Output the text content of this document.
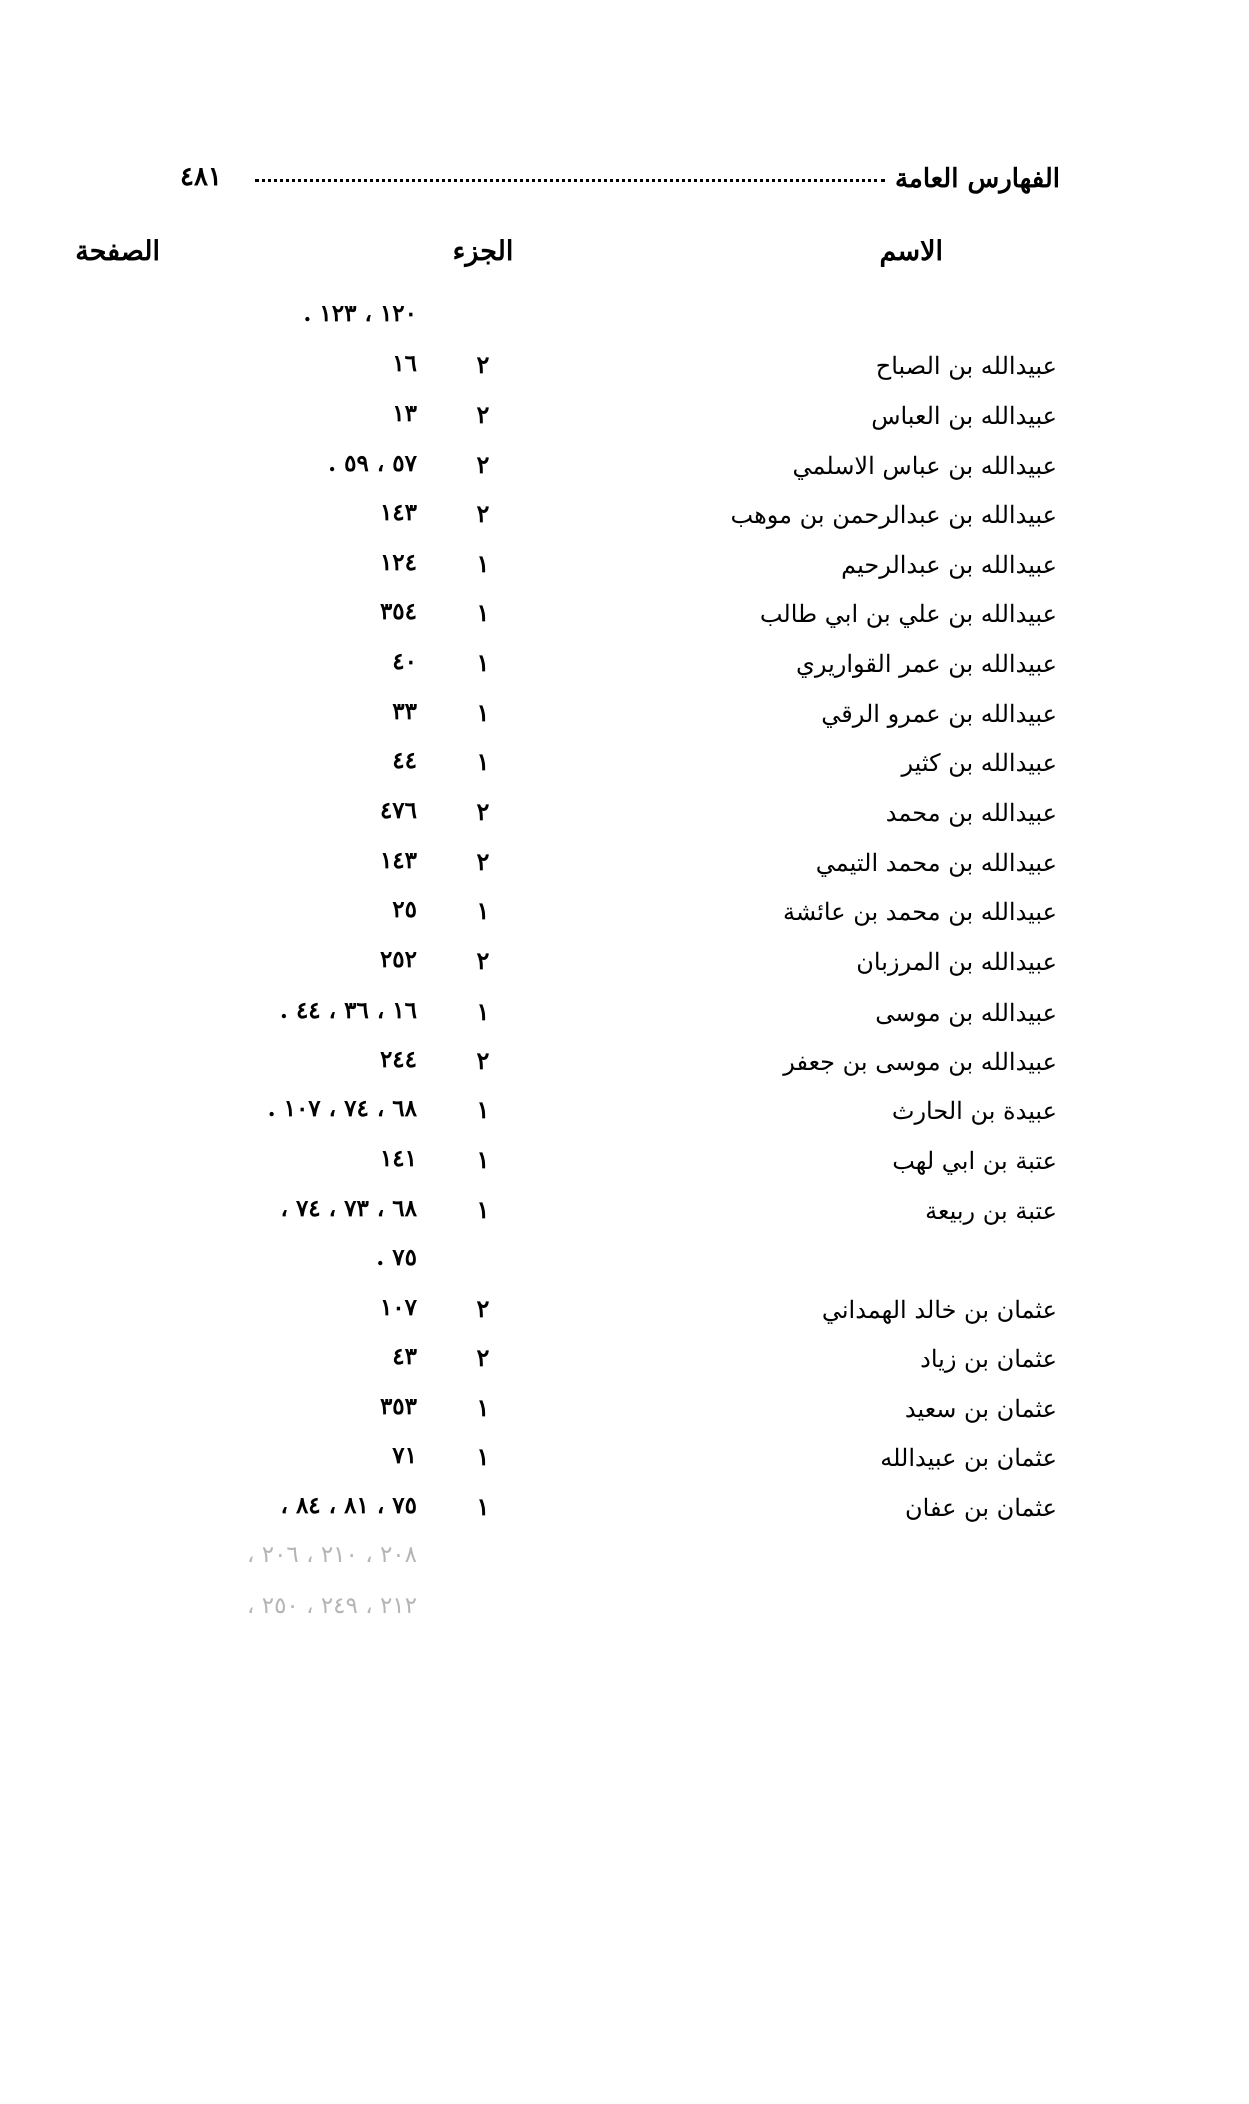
الفهارس العامة
٤٨١
الاسم
الجزء
الصفحة
١٢٠ ، ١٢٣ .
عبيدالله بن الصباح
٢
١٦
عبيدالله بن العباس
٢
١٣
عبيدالله بن عباس الاسلمي
٢
٥٧ ، ٥٩ .
عبيدالله بن عبدالرحمن بن موهب
٢
١٤٣
عبيدالله بن عبدالرحيم
١
١٢٤
عبيدالله بن علي بن ابي طالب
١
٣٥٤
عبيدالله بن عمر القواريري
١
٤٠
عبيدالله بن عمرو الرقي
١
٣٣
عبيدالله بن كثير
١
٤٤
عبيدالله بن محمد
٢
٤٧٦
عبيدالله بن محمد التيمي
٢
١٤٣
عبيدالله بن محمد بن عائشة
١
٢٥
عبيدالله بن المرزبان
٢
٢٥٢
عبيدالله بن موسى
١
١٦ ، ٣٦ ، ٤٤ .
عبيدالله بن موسى بن جعفر
٢
٢٤٤
عبيدة بن الحارث
١
٦٨ ، ٧٤ ، ١٠٧ .
عتبة بن ابي لهب
١
١٤١
عتبة بن ربيعة
١
٦٨ ، ٧٣ ، ٧٤ ،
٧٥ .
عثمان بن خالد الهمداني
٢
١٠٧
عثمان بن زياد
٢
٤٣
عثمان بن سعيد
١
٣٥٣
عثمان بن عبيدالله
١
٧١
عثمان بن عفان
١
٧٥ ، ٨١ ، ٨٤ ،
٢٠٨ ، ٢١٠ ، ٢٠٦ ،
٢١٢ ، ٢٤٩ ، ٢٥٠ ،
